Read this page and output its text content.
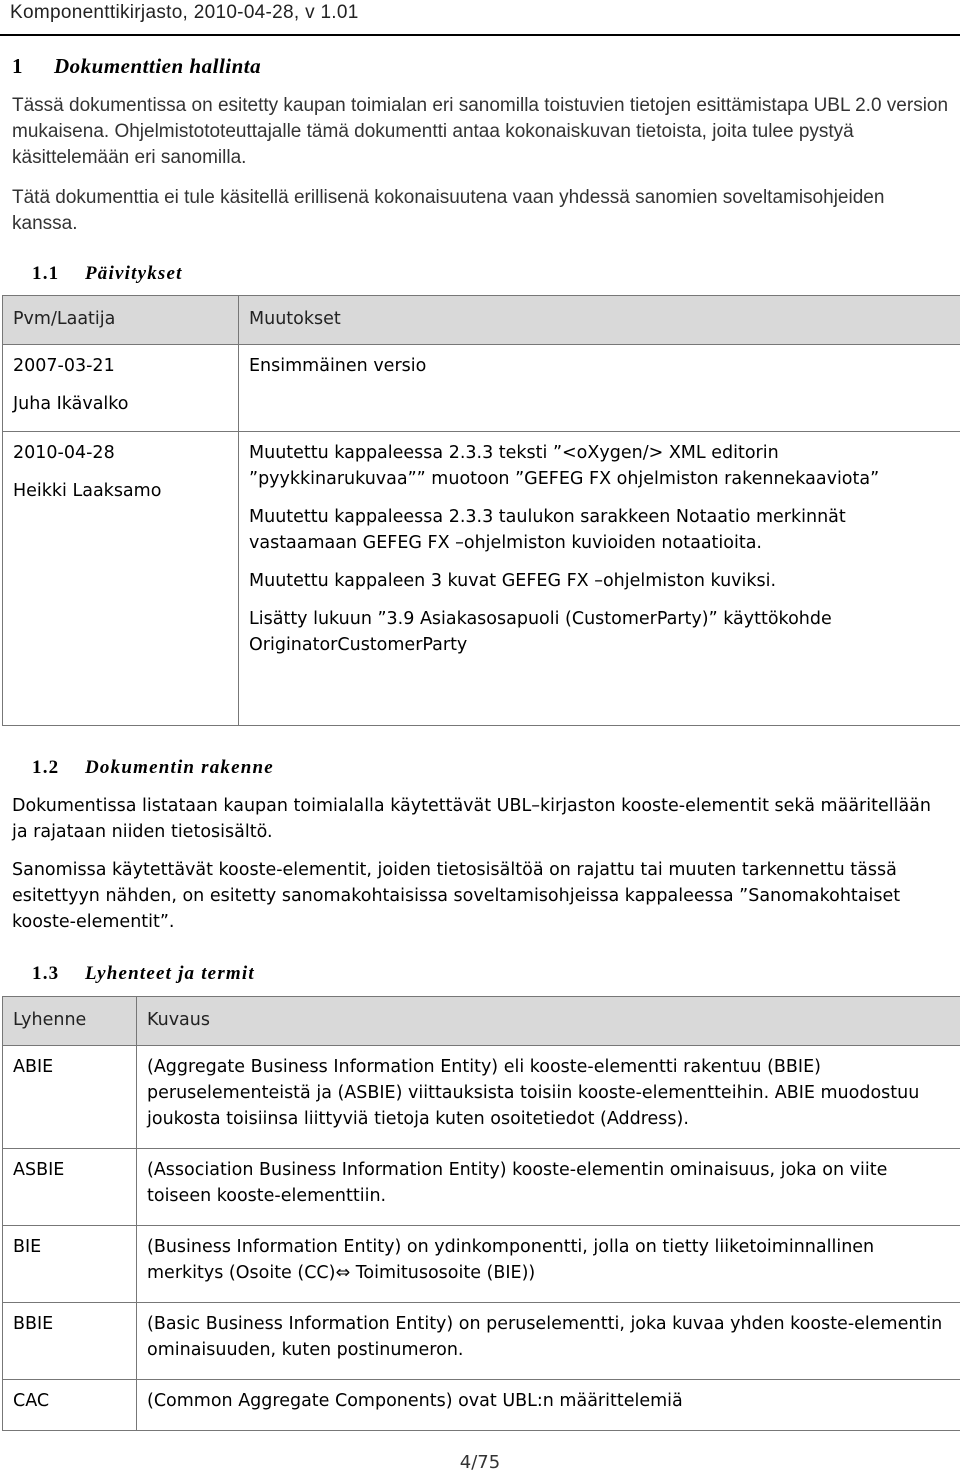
Komponenttikirjasto, 2010-04-28, v 1.01
1 Dokumenttien hallinta
Tässä dokumentissa on esitetty kaupan toimialan eri sanomilla toistuvien tietojen esittämistapa UBL 2.0 version mukaisena. Ohjelmistototeuttajalle tämä dokumentti antaa kokonaiskuvan tietoista, joita tulee pystyä käsittelemään eri sanomilla.
Tätä dokumenttia ei tule käsitellä erillisenä kokonaisuutena vaan yhdessä sanomien soveltamisohjeiden kanssa.
1.1 Päivitykset
Pvm/Laatija	Muutokset

2007-03-21
Juha Ikävalko	Ensimmäinen versio

2010-04-28
Heikki Laaksamo	Muutettu kappaleessa 2.3.3 teksti ”<oXygen/> XML editorin ”pyykkinarukuvaa”” muotoon ”GEFEG FX ohjelmiston rakennekaaviota”
Muutettu kappaleessa 2.3.3 taulukon sarakkeen Notaatio merkinnät vastaamaan GEFEG FX –ohjelmiston kuvioiden notaatioita.
Muutettu kappaleen 3 kuvat GEFEG FX –ohjelmiston kuviksi.
Lisätty lukuun ”3.9 Asiakasosapuoli (CustomerParty)” käyttökohde OriginatorCustomerParty
1.2 Dokumentin rakenne
Dokumentissa listataan kaupan toimialalla käytettävät UBL–kirjaston kooste-elementit sekä määritellään ja rajataan niiden tietosisältö.
Sanomissa käytettävät kooste-elementit, joiden tietosisältöä on rajattu tai muuten tarkennettu tässä esitettyyn nähden, on esitetty sanomakohtaisissa soveltamisohjeissa kappaleessa ”Sanomakohtaiset kooste-elementit”.
1.3 Lyhenteet ja termit
Lyhenne	Kuvaus

ABIE	(Aggregate Business Information Entity) eli kooste-elementti rakentuu (BBIE) peruselementeistä ja (ASBIE) viittauksista toisiin kooste-elementteihin. ABIE muodostuu joukosta toisiinsa liittyviä tietoja kuten osoitetiedot (Address).

ASBIE	(Association Business Information Entity) kooste-elementin ominaisuus, joka on viite toiseen kooste-elementtiin.

BIE	(Business Information Entity) on ydinkomponentti, jolla on tietty liiketoiminnallinen merkitys (Osoite (CC)⇔ Toimitusosoite (BIE))

BBIE	(Basic Business Information Entity) on peruselementti, joka kuvaa yhden kooste-elementin ominaisuuden, kuten postinumeron.

CAC	(Common Aggregate Components) ovat UBL:n määrittelemiä
4/75
